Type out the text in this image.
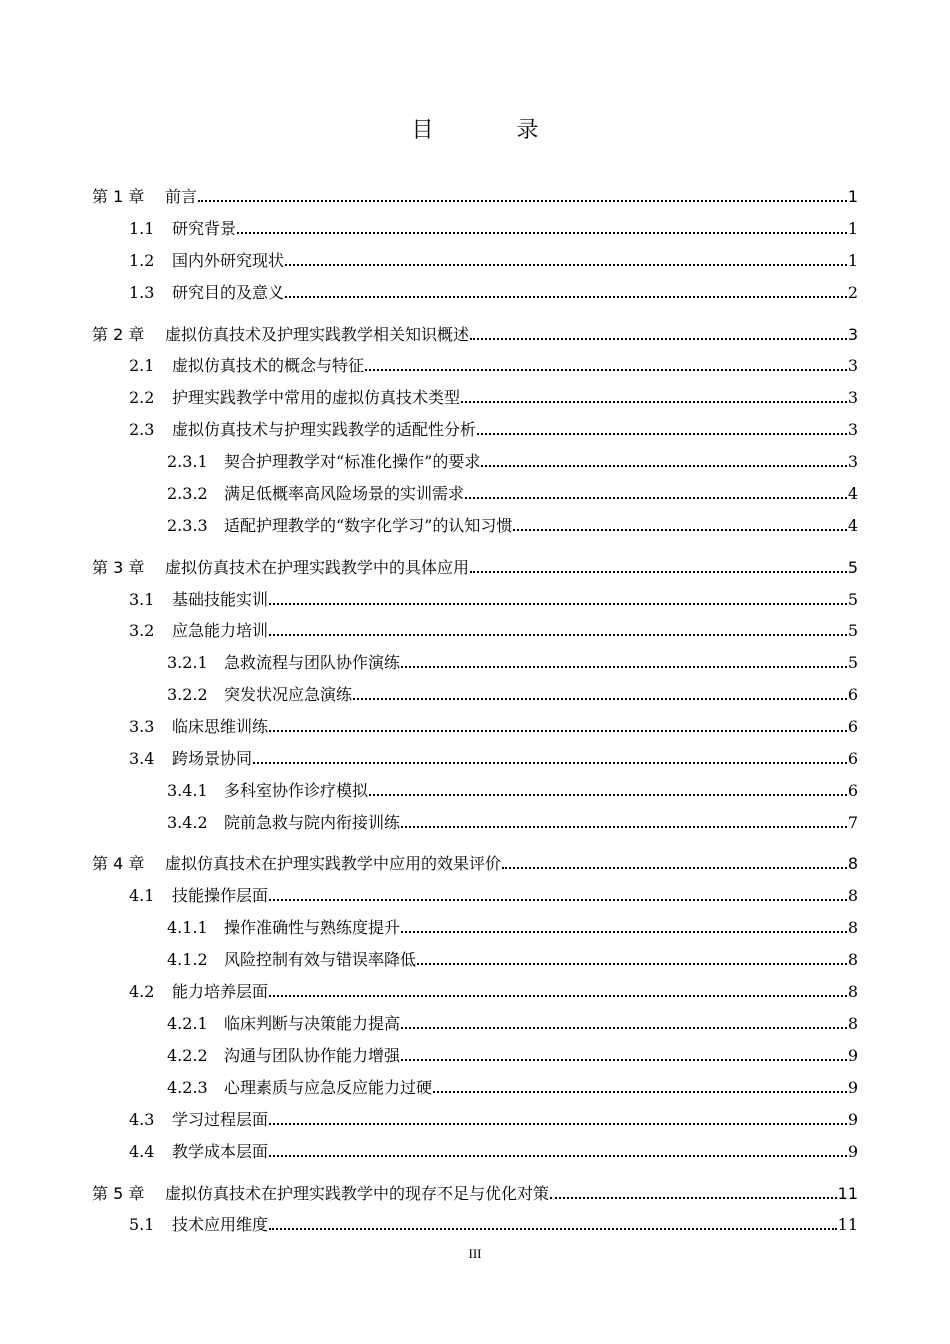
目 录
第 1 章	前言	1
1.1	研究背景	1
1.2	国内外研究现状	1
1.3	研究目的及意义	2
第 2 章	虚拟仿真技术及护理实践教学相关知识概述	3
2.1	虚拟仿真技术的概念与特征	3
2.2	护理实践教学中常用的虚拟仿真技术类型	3
2.3	虚拟仿真技术与护理实践教学的适配性分析	3
2.3.1	契合护理教学对“标准化操作”的要求	3
2.3.2	满足低概率高风险场景的实训需求	4
2.3.3	适配护理教学的“数字化学习”的认知习惯	4
第 3 章	虚拟仿真技术在护理实践教学中的具体应用	5
3.1	基础技能实训	5
3.2	应急能力培训	5
3.2.1	急救流程与团队协作演练	5
3.2.2	突发状况应急演练	6
3.3	临床思维训练	6
3.4	跨场景协同	6
3.4.1	多科室协作诊疗模拟	6
3.4.2	院前急救与院内衔接训练	7
第 4 章	虚拟仿真技术在护理实践教学中应用的效果评价	8
4.1	技能操作层面	8
4.1.1	操作准确性与熟练度提升	8
4.1.2	风险控制有效与错误率降低	8
4.2	能力培养层面	8
4.2.1	临床判断与决策能力提高	8
4.2.2	沟通与团队协作能力增强	9
4.2.3	心理素质与应急反应能力过硬	9
4.3	学习过程层面	9
4.4	教学成本层面	9
第 5 章	虚拟仿真技术在护理实践教学中的现存不足与优化对策	11
5.1	技术应用维度	11
III
